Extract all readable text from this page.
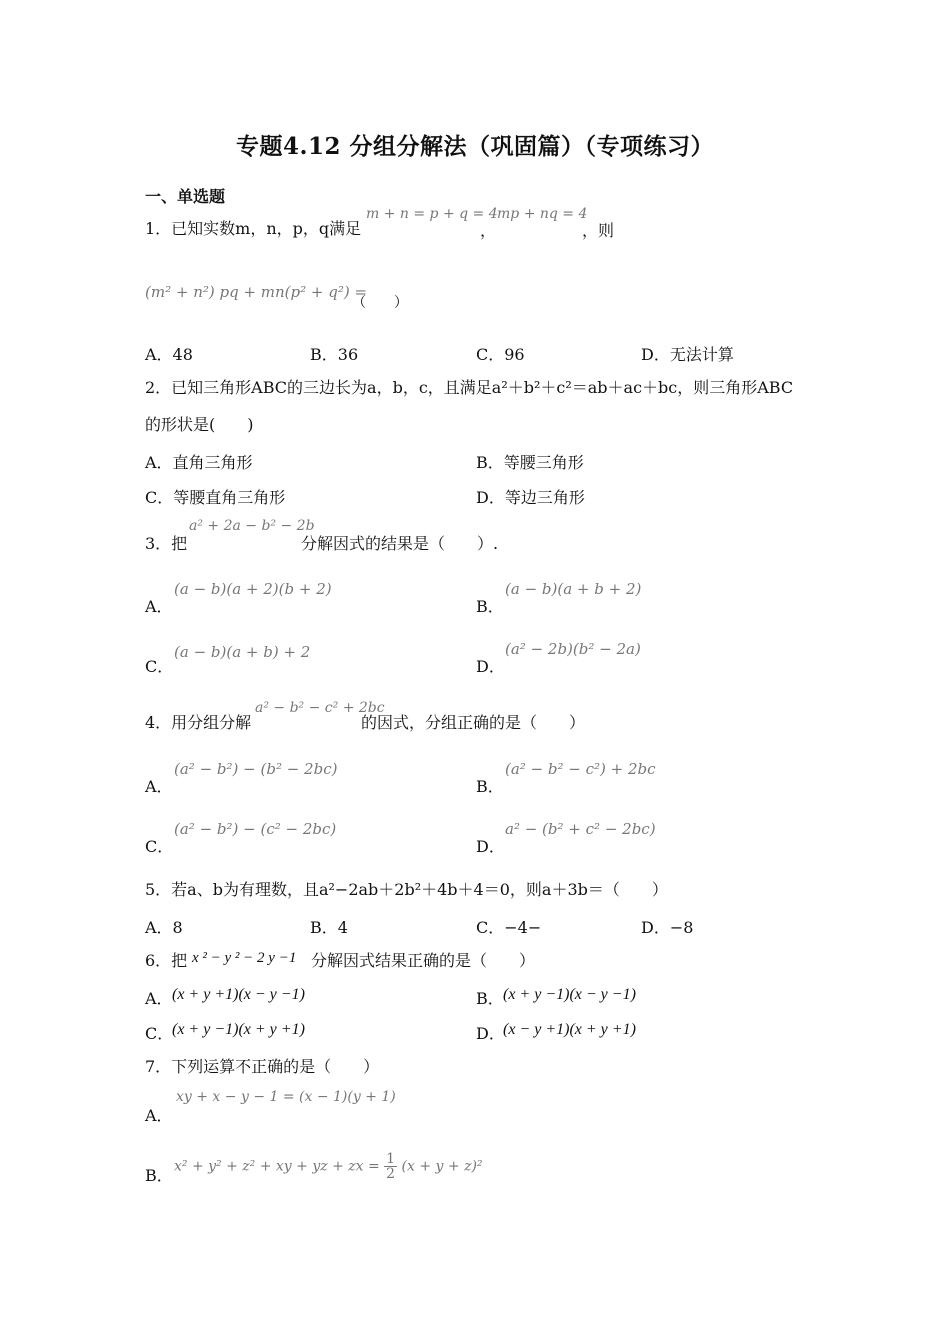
专题4.12 分组分解法（巩固篇）（专项练习）
一、单选题
1．已知实数m，n，p，q满足
m + n = p + q = 4
，
mp + nq = 4
，则
(m² + n²) pq + mn(p² + q²) =
（　　）
A．48	B．36	C．96	D．无法计算
2．已知三角形ABC的三边长为a，b，c，且满足a²＋b²＋c²＝ab＋ac＋bc，则三角形ABC
的形状是(　　)
A．直角三角形	B．等腰三角形
C．等腰直角三角形	D．等边三角形
3．把
a² + 2a − b² − 2b
分解因式的结果是（　　）.
A．
(a − b)(a + 2)(b + 2)
B．
(a − b)(a + b + 2)
C．
(a − b)(a + b) + 2
D．
(a² − 2b)(b² − 2a)
4．用分组分解
a² − b² − c² + 2bc
的因式，分组正确的是（　　）
A．
(a² − b²) − (b² − 2bc)
B．
(a² − b² − c²) + 2bc
C．
(a² − b²) − (c² − 2bc)
D．
a² − (b² + c² − 2bc)
5．若a、b为有理数，且a²−2ab＋2b²＋4b＋4＝0，则a＋3b＝（　　）
A．8	B．4	C．−4−	D．−8
6．把 x ² − y ² − 2 y −1 分解因式结果正确的是（　　）
A． (x + y +1)(x − y −1)	B． (x + y −1)(x − y −1)
C．
(x + y −1)(x + y +1)	D．
(x − y +1)(x + y +1)
7．下列运算不正确的是（　　）
A．
xy + x − y − 1 = (x − 1)(y + 1)
B． x² + y² + z² + xy + yz + zx = $\frac{1}{2} (x + y + z)^2$
